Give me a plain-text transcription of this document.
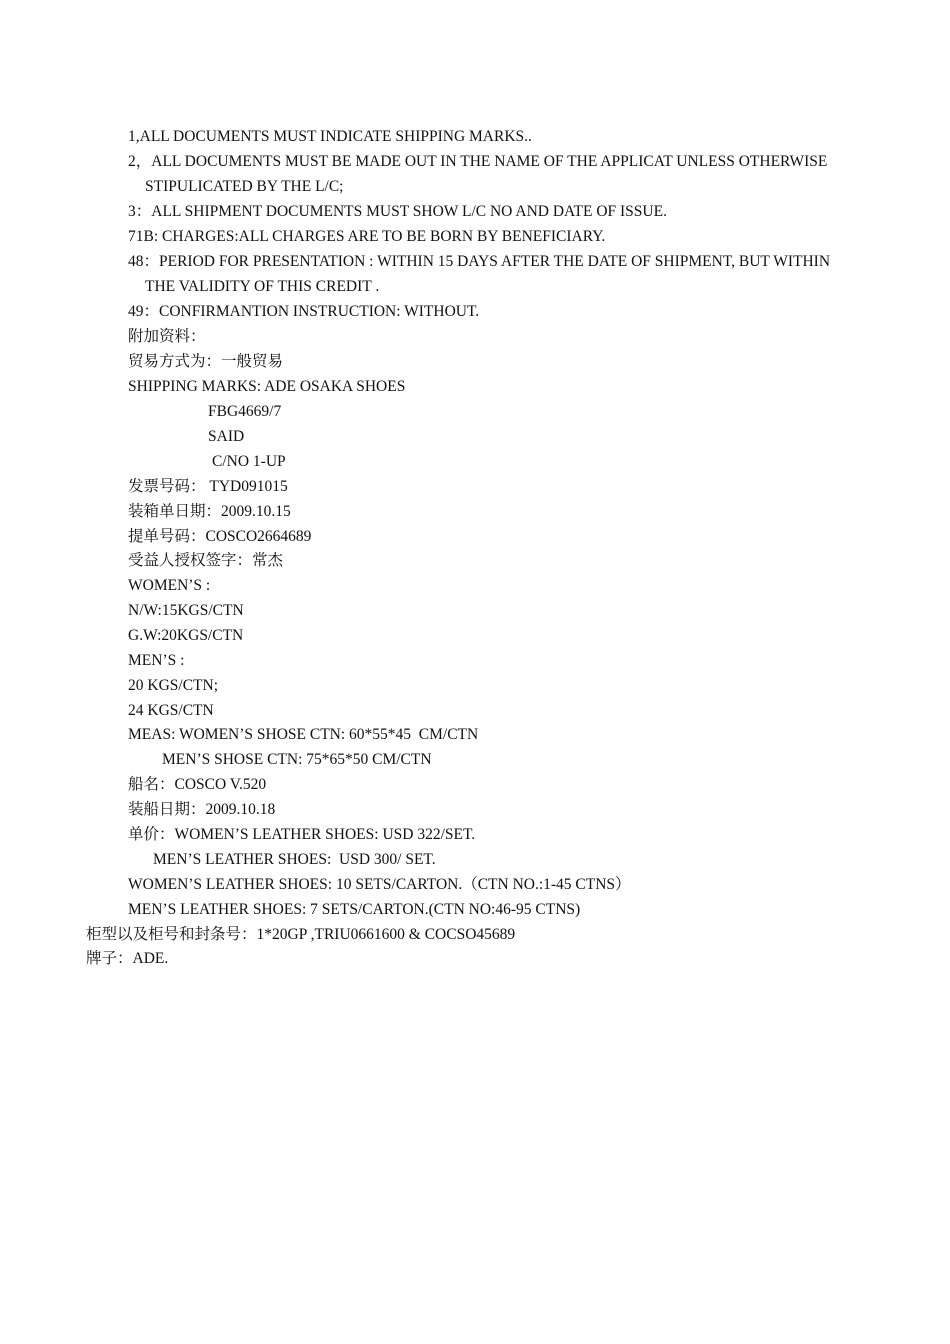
1,ALL DOCUMENTS MUST INDICATE SHIPPING MARKS..
2，ALL DOCUMENTS MUST BE MADE OUT IN THE NAME OF THE APPLICAT UNLESS OTHERWISE
STIPULICATED BY THE L/C;
3：ALL SHIPMENT DOCUMENTS MUST SHOW L/C NO AND DATE OF ISSUE.
71B: CHARGES:ALL CHARGES ARE TO BE BORN BY BENEFICIARY.
48：PERIOD FOR PRESENTATION : WITHIN 15 DAYS AFTER THE DATE OF SHIPMENT, BUT WITHIN
THE VALIDITY OF THIS CREDIT .
49：CONFIRMANTION INSTRUCTION: WITHOUT.
附加资料：
贸易方式为：一般贸易
SHIPPING MARKS: ADE OSAKA SHOES
FBG4669/7
SAID
C/NO 1-UP
发票号码： TYD091015
装箱单日期：2009.10.15
提单号码：COSCO2664689
受益人授权签字：常杰
WOMEN’S :
N/W:15KGS/CTN
G.W:20KGS/CTN
MEN’S :
20 KGS/CTN;
24 KGS/CTN
MEAS: WOMEN’S SHOSE CTN: 60*55*45  CM/CTN
MEN’S SHOSE CTN: 75*65*50 CM/CTN
船名：COSCO V.520
装船日期：2009.10.18
单价：WOMEN’S LEATHER SHOES: USD 322/SET.
MEN’S LEATHER SHOES:  USD 300/ SET.
WOMEN’S LEATHER SHOES: 10 SETS/CARTON.（CTN NO.:1-45 CTNS）
MEN’S LEATHER SHOES: 7 SETS/CARTON.(CTN NO:46-95 CTNS)
柜型以及柜号和封条号：1*20GP ,TRIU0661600 & COCSO45689
牌子：ADE.
